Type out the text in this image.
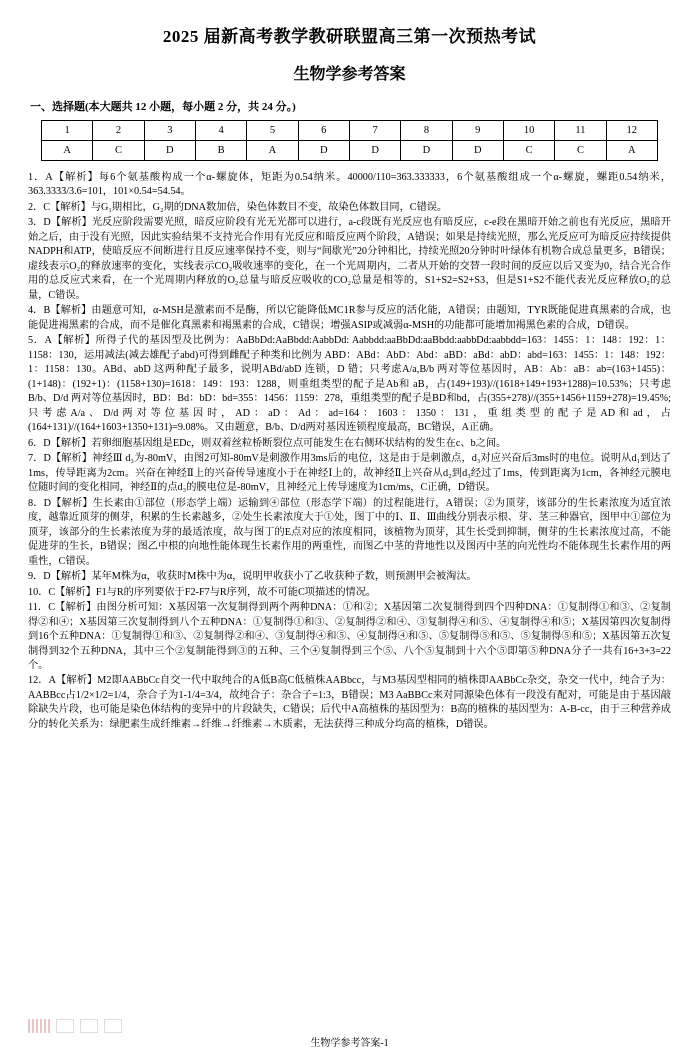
2025 届新高考教学教研联盟高三第一次预热考试
生物学参考答案
一、选择题(本大题共 12 小题，每小题 2 分，共 24 分。)
1	2	3	4	5	6	7	8	9	10	11	12
A	C	D	B	A	D	D	D	D	C	C	A

1．A【解析】每6个氨基酸构成一个α-螺旋体，矩距为0.54纳米。40000/110=363.333333，6个氨基酸组成一个α-螺旋，螺距0.54纳米，363.3333/3.6=101，101×0.54=54.54。

2．C【解析】与G₁期相比，G₂期的DNA数加倍，染色体数目不变，故染色体数目同，C错误。

3．D【解析】光反应阶段需要光照，暗反应阶段有光无光都可以进行，a-c段既有光反应也有暗反应，c-e段在黑暗开始之前也有光反应，黑暗开始之后，由于没有光照，因此实验结果不支持光合作用有光反应和暗反应两个阶段，A错误；如果是持续光照，那么光反应可为暗反应持续提供NADPH和ATP，使暗反应不间断进行且反应速率保持不变，则与“间歇光”20分钟相比，持续光照20分钟时叶绿体有机物合成总量更多，B错误；虚线表示O₂的释放速率的变化，实线表示CO₂吸收速率的变化，在一个光周期内，二者从开始的交替一段时间的反应以后又变为0，结合光合作用的总反应式来看，在一个光周期内释放的O₂总量与暗反应吸收的CO₂总量是相等的，S1+S2=S2+S3，但是S1+S2不能代表光反应释放O₂的总量，C错误。

4．B【解析】由题意可知，α-MSH是激素而不是酶，所以它能降低MC1R参与反应的活化能，A错误；由题知，TYR既能促进真黑素的合成，也能促进褐黑素的合成，而不是催化真黑素和褐黑素的合成，C错误；增强ASIP或减弱α-MSH的功能都可能增加褐黑色素的合成，D错误。

5．A【解析】所得子代的基因型及比例为：AaBbDd:AaBbdd:AabbDd: Aabbdd:aaBbDd:aaBbdd:aabbDd:aabbdd=163：1455：1：148：192：1：1158：130，运用减法(减去雄配子abd)可得到雌配子种类和比例为 ABD：ABd：AbD：Abd：aBD：aBd：abD：abd=163：1455：1：148：192：1：1158：130。ABd、abD 这两种配子最多，说明ABd/abD 连锁，D 错；只考虑A/a,B/b 两对等位基因时，AB：Ab：aB：ab=(163+1455)：(1+148)：(192+1)：(1158+130)=1618：149：193：1288，则重组类型的配子是Ab和 aB，占(149+193)//(1618+149+193+1288)=10.53%；只考虑 B/b、D/d 两对等位基因时，BD：Bd：bD：bd=355：1456：1159：278，重组类型的配子是BD和bd，占(355+278)//(355+1456+1159+278)=19.45%;只考虑A/a、D/d两对等位基因时，AD：aD：Ad：ad=164：1603：1350：131，重组类型的配子是AD和ad，占(164+131)//(164+1603+1350+131)=9.08%。又由题意，B/b、D/d两对基因连锁程度最高，BC错误，A正确。

6．D【解析】若卵细胞基因组是EDc，则双着丝粒桥断裂位点可能发生在右侧环状结构的发生在c、b之间。

7．D【解析】神经Ⅲ d₃为-80mV，由图2可知-80mV是刺激作用3ms后的电位，这是由于是刺激点，d₃对应兴奋后3ms时的电位。说明从d₁到达了1ms，传导距离为2cm。兴奋在神经Ⅱ上的兴奋传导速度小于在神经Ⅰ上的，故神经Ⅱ上兴奋从d₂到d₃经过了1ms，传到距离为1cm，各神经元膜电位随时间的变化相同，神经Ⅱ的点d₃的膜电位是-80mV，且神经元上传导速度为1cm/ms，C正确，D错误。

8．D【解析】生长素由①部位（形态学上端）运输到④部位（形态学下端）的过程能进行，A错误；②为顶芽，该部分的生长素浓度为适宜浓度，越靠近顶芽的侧芽，积累的生长素越多，②处生长素浓度大于①处，图丁中的Ⅰ、Ⅱ、Ⅲ曲线分别表示根、芽、茎三种器官，图甲中①部位为顶芽，该部分的生长素浓度为芽的最适浓度，故与图丁的E点对应的浓度相同，该植物为顶芽，其生长受到抑制，侧芽的生长素浓度过高，不能促进芽的生长，B错误；图乙中根的向地性能体现生长素作用的两重性，而图乙中茎的背地性以及图丙中茎的向光性均不能体现生长素作用的两重性，C错误。

9．D【解析】某年M株为α，收获时M株中为α，说明甲收获小了乙收获种子数，则预测甲会被淘汰。

10．C【解析】F1与R的序列要依于F2-F7与R序列，故不可能C项描述的情况。

11．C【解析】由图分析可知：X基因第一次复制得到两个两种DNA：①和②；X基因第二次复制得到四个四种DNA：①复制得①和③、②复制得②和④；X基因第三次复制得到八个五种DNA：①复制得①和③、②复制得②和④、③复制得④和⑤、④复制得④和⑤；X基因第四次复制得到16个五种DNA：①复制得①和③、②复制得②和④、③复制得④和⑤、④复制得④和⑤、⑤复制得⑤和⑤、⑤复制得⑤和⑤；X基因第五次复制得到32个五种DNA，其中三个②复制能得到③的五种、三个④复制得到三个⑤、八个⑤复制到十六个⑤即第⑤种DNA分子一共有16+3+3=22个。

12．A【解析】M2即AABbCc自交一代中取纯合的A低B高C低植株AABbcc，与M3基因型相同的植株即AABbCc杂交，杂交一代中，纯合子为：AABBcc占1/2×1/2=1/4，杂合子为1-1/4=3/4，故纯合子：杂合子=1:3，B错误；M3 AaBBCc来对同源染色体有一段没有配对，可能是由于基因敲除缺失片段，也可能是染色体结构的变异中的片段缺失，C错误；后代中A高植株的基因型为：B高的植株的基因型为：A-B-cc，由于三种营养成分的转化关系为：绿肥素生成纤维素→纤维→纤维素→木质素，无法获得三种成分均高的植株，D错误。

生物学参考答案-1
